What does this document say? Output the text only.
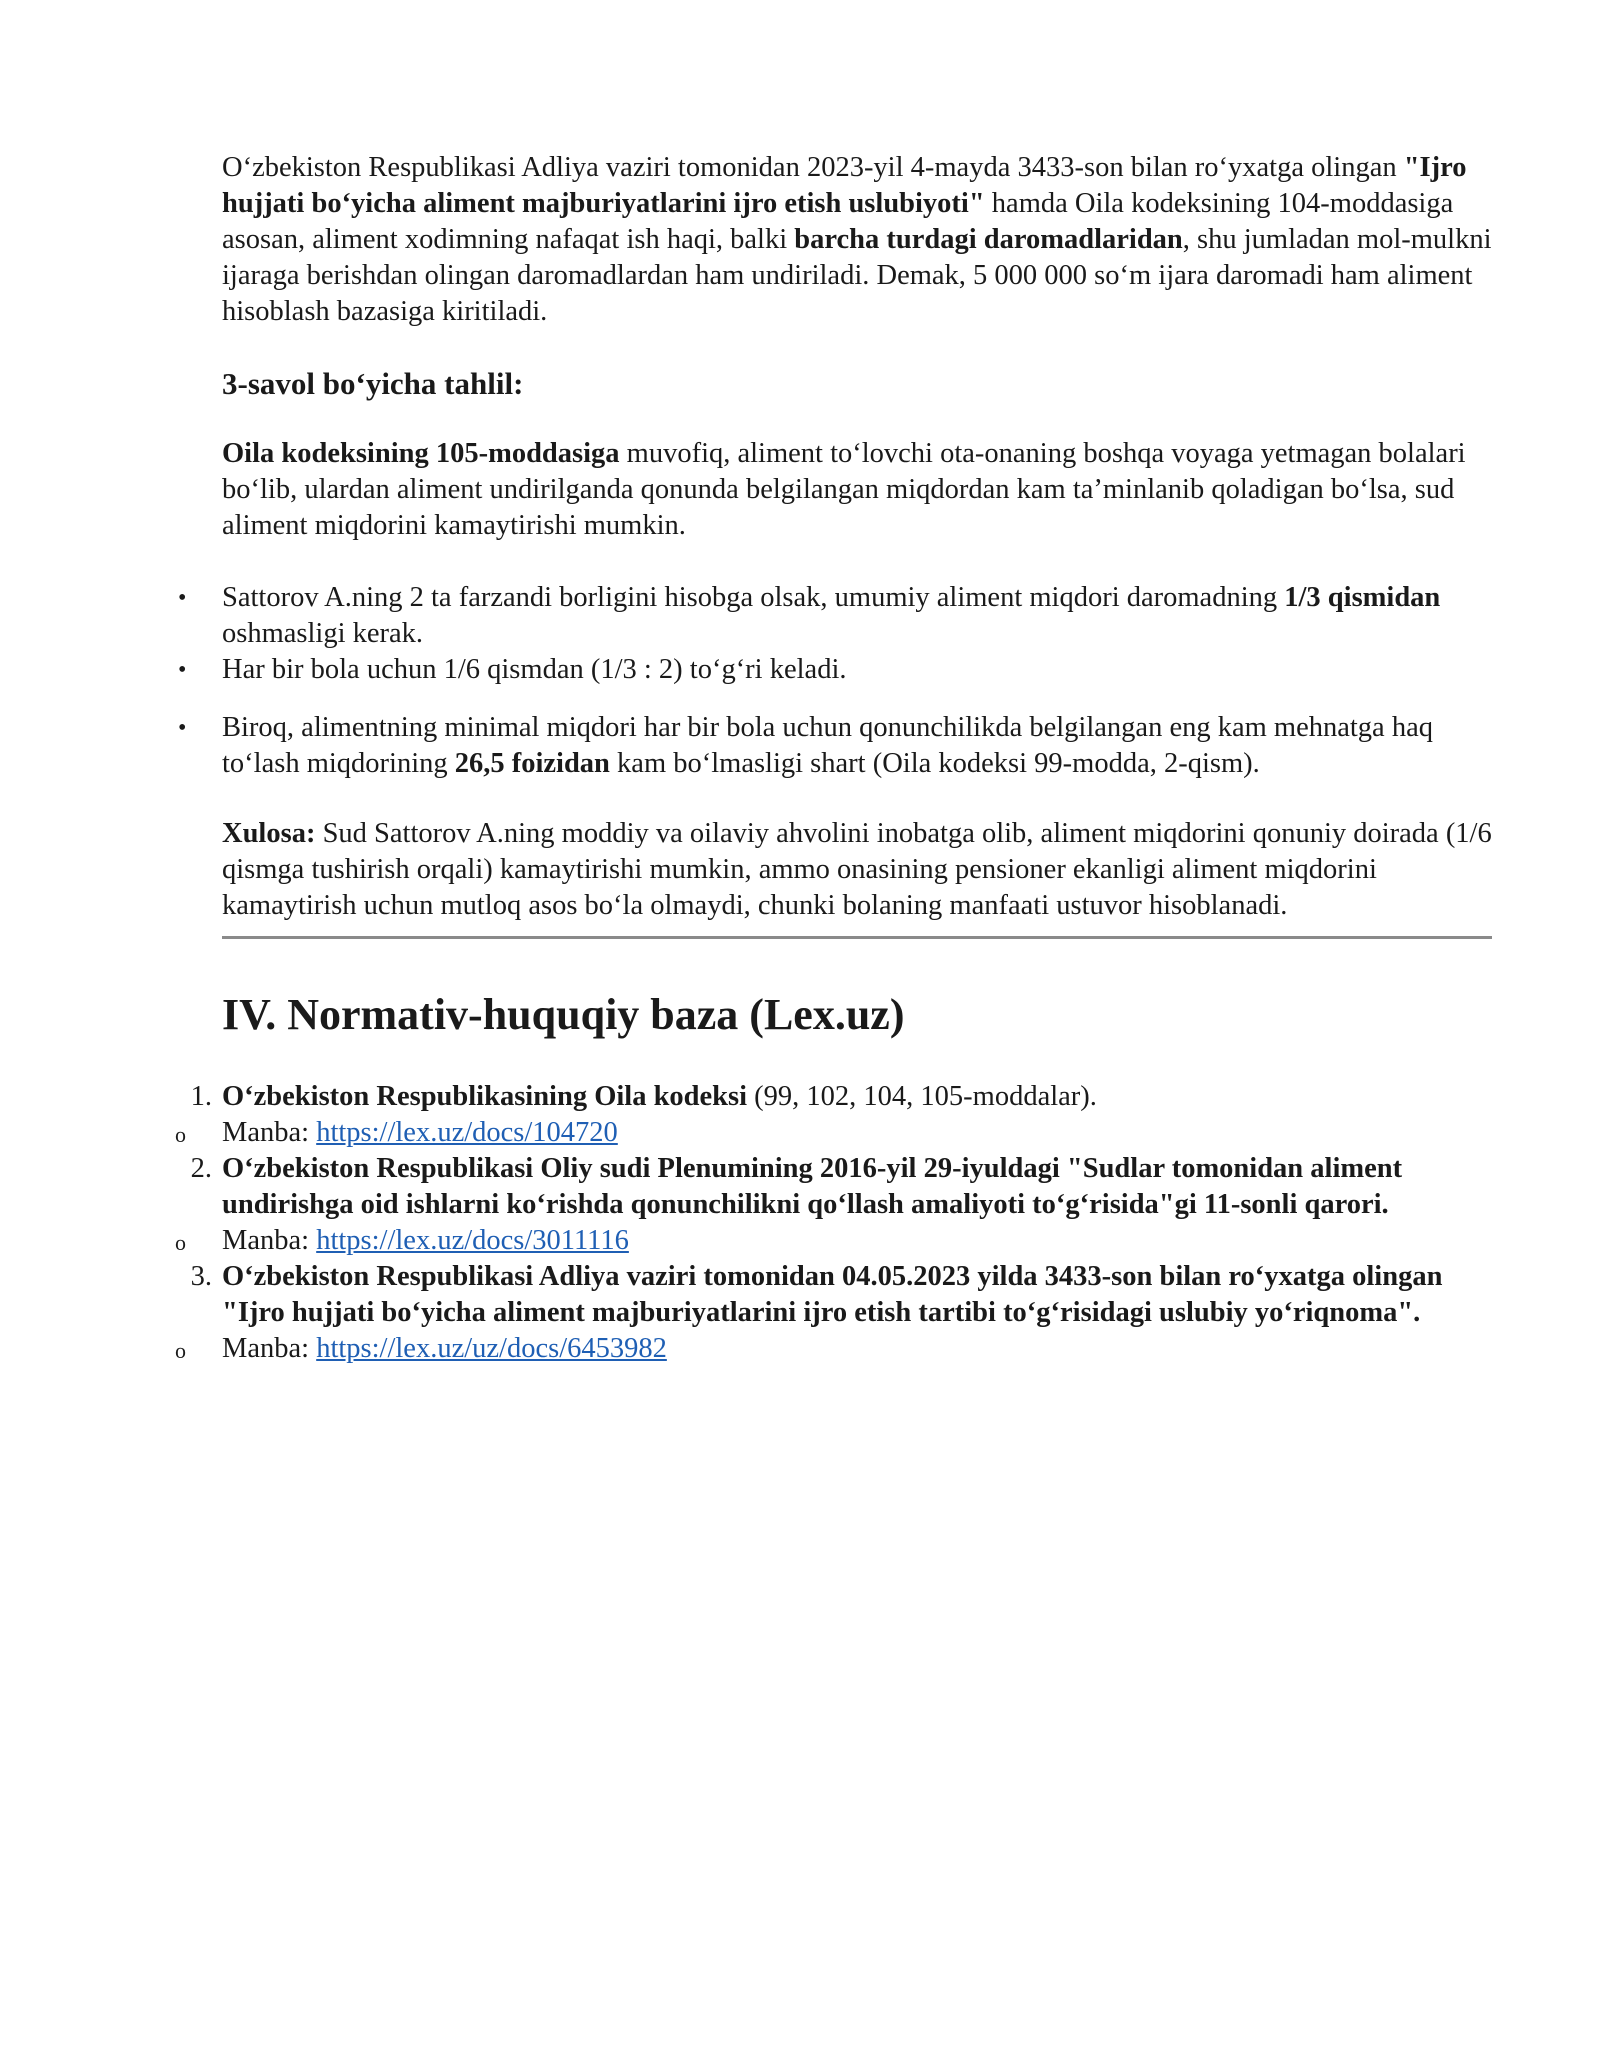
O‘zbekiston Respublikasi Adliya vaziri tomonidan 2023-yil 4-mayda 3433-son bilan ro‘yxatga olingan "Ijro hujjati bo‘yicha aliment majburiyatlarini ijro etish uslubiyoti" hamda Oila kodeksining 104-moddasiga asosan, aliment xodimning nafaqat ish haqi, balki barcha turdagi daromadlaridan, shu jumladan mol-mulkni ijaraga berishdan olingan daromadlardan ham undiriladi. Demak, 5 000 000 so‘m ijara daromadi ham aliment hisoblash bazasiga kiritiladi.

3-savol bo‘yicha tahlil:

Oila kodeksining 105-moddasiga muvofiq, aliment to‘lovchi ota-onaning boshqa voyaga yetmagan bolalari bo‘lib, ulardan aliment undirilganda qonunda belgilangan miqdordan kam ta’minlanib qoladigan bo‘lsa, sud aliment miqdorini kamaytirishi mumkin.

• Sattorov A.ning 2 ta farzandi borligini hisobga olsak, umumiy aliment miqdori daromadning 1/3 qismidan oshmasligi kerak.
• Har bir bola uchun 1/6 qismdan (1/3 : 2) to‘g‘ri keladi.
• Biroq, alimentning minimal miqdori har bir bola uchun qonunchilikda belgilangan eng kam mehnatga haq to‘lash miqdorining 26,5 foizidan kam bo‘lmasligi shart (Oila kodeksi 99-modda, 2-qism).

Xulosa: Sud Sattorov A.ning moddiy va oilaviy ahvolini inobatga olib, aliment miqdorini qonuniy doirada (1/6 qismga tushirish orqali) kamaytirishi mumkin, ammo onasining pensioner ekanligi aliment miqdorini kamaytirish uchun mutloq asos bo‘la olmaydi, chunki bolaning manfaati ustuvor hisoblanadi.

IV. Normativ-huquqiy baza (Lex.uz)
1. O‘zbekiston Respublikasining Oila kodeksi (99, 102, 104, 105-moddalar).
o Manba: https://lex.uz/docs/104720
2. O‘zbekiston Respublikasi Oliy sudi Plenumining 2016-yil 29-iyuldagi "Sudlar tomonidan aliment undirishga oid ishlarni ko‘rishda qonunchilikni qo‘llash amaliyoti to‘g‘risida"gi 11-sonli qarori.
o Manba: https://lex.uz/docs/3011116
3. O‘zbekiston Respublikasi Adliya vaziri tomonidan 04.05.2023 yilda 3433-son bilan ro‘yxatga olingan "Ijro hujjati bo‘yicha aliment majburiyatlarini ijro etish tartibi to‘g‘risidagi uslubiy yo‘riqnoma".
o Manba: https://lex.uz/uz/docs/6453982
